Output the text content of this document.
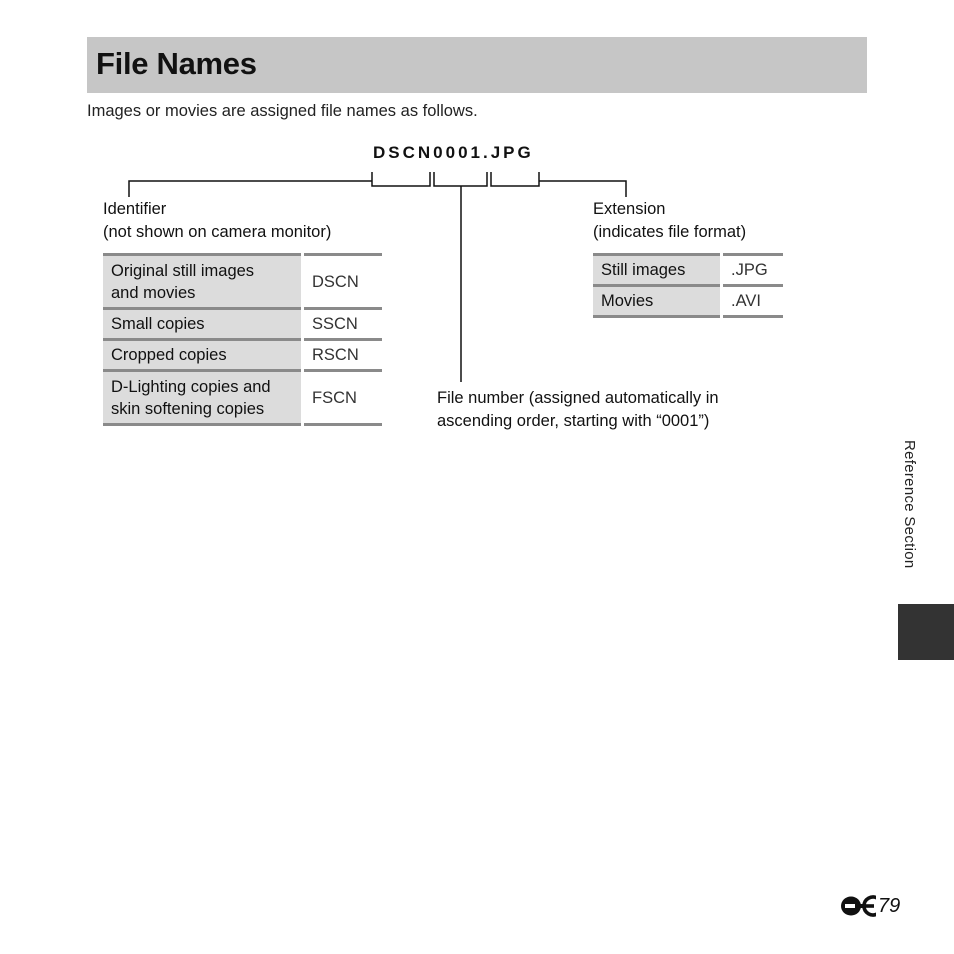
File Names
Images or movies are assigned file names as follows.
DSCN0001.JPG
Identifier
(not shown on camera monitor)
Extension
(indicates file format)
File number (assigned automatically in
ascending order, starting with “0001”)
Original still images
and movies	DSCN

Small copies	SSCN

Cropped copies	RSCN

D-Lighting copies and
skin softening copies	FSCN
Still images	.JPG

Movies	.AVI
Reference Section
79
